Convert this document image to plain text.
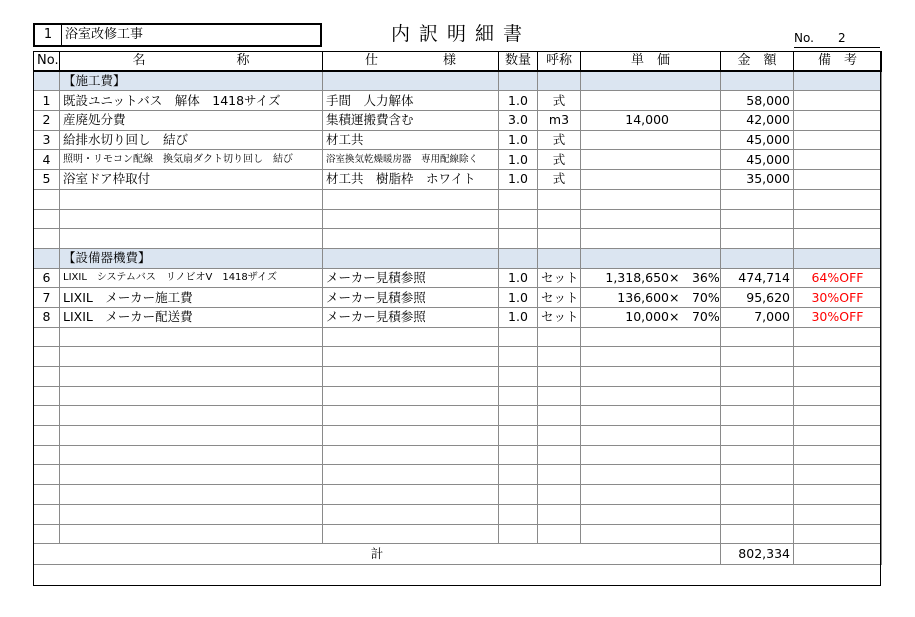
1 浴室改修工事	内訳明細書	No. 2
No.	名　　　　　　　称	仕　　　　　様	数量	呼称	単　価	金　額	備　考
	【施工費】						
1	既設ユニットバス　解体　1418サイズ	手間　人力解体	1.0	式		58,000	
2	産廃処分費	集積運搬費含む	3.0	m3	14,000	42,000	
3	給排水切り回し　結び	材工共	1.0	式		45,000	
4	照明・リモコン配線　換気扇ダクト切り回し　結び	浴室換気乾燥暖房器　専用配線除く	1.0	式		45,000	
5	浴室ドア枠取付	材工共　樹脂枠　ホワイト	1.0	式		35,000	

	【設備器機費】						
6	LIXIL　システムバス　リノビオV　1418ザイズ	メーカー見積参照	1.0	セット	1,318,650×　36%	474,714	64%OFF
7	LIXIL　メーカー施工費	メーカー見積参照	1.0	セット	136,600×　70%	95,620	30%OFF
8	LIXIL　メーカー配送費	メーカー見積参照	1.0	セット	10,000×　70%	7,000	30%OFF

計						802,334	
